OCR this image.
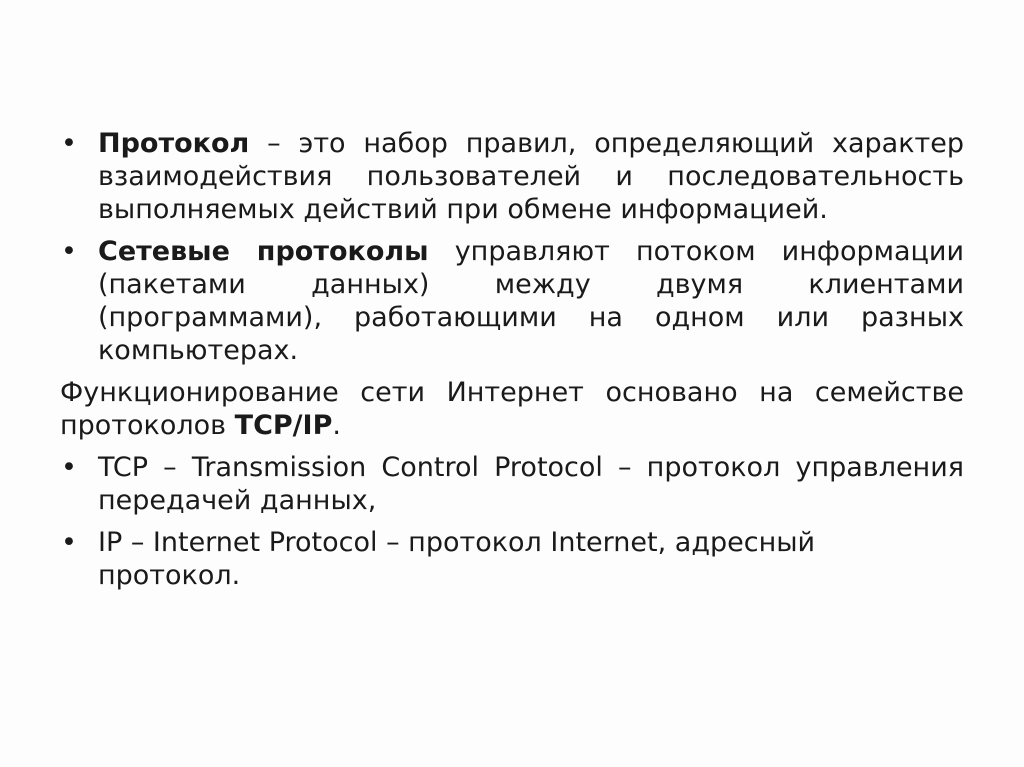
• Протокол – это набор правил, определяющий характер взаимодействия пользователей и последовательность выполняемых действий при обмене информацией.
• Сетевые протоколы управляют потоком информации (пакетами данных) между двумя клиентами (программами), работающими на одном или разных компьютерах.
Функционирование сети Интернет основано на семействе протоколов TCP/IP.
• TCP – Transmission Control Protocol – протокол управления передачей данных,
• IP – Internet Protocol – протокол Internet, адресный протокол.
